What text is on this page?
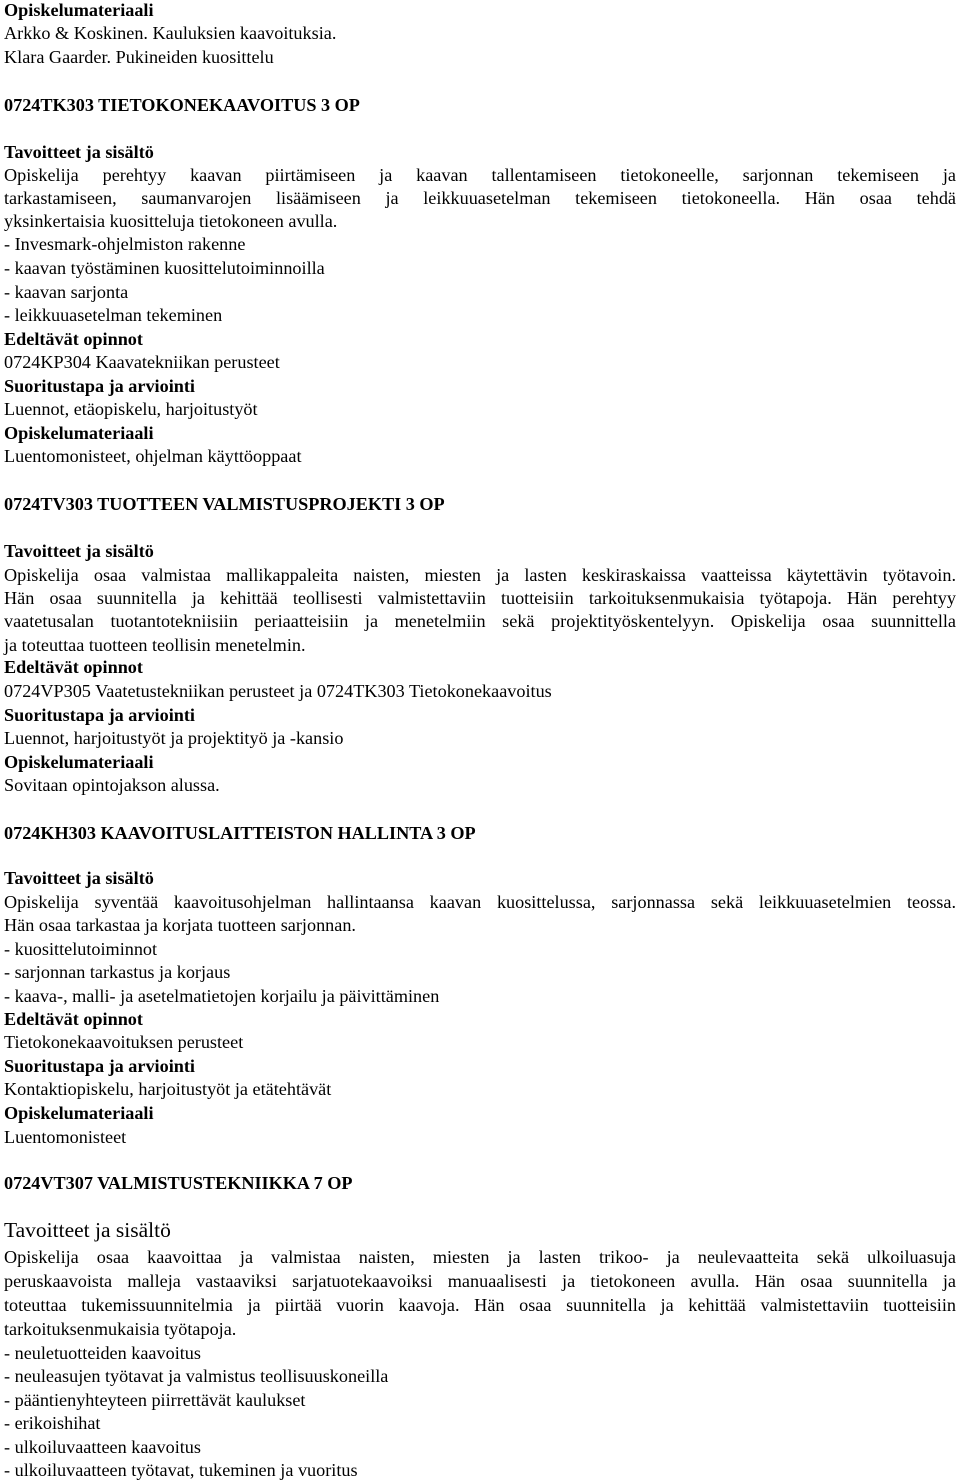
Opiskelumateriaali
Arkko & Koskinen. Kauluksien kaavoituksia.
Klara Gaarder. Pukineiden kuosittelu
0724TK303 TIETOKONEKAAVOITUS 3 OP
Tavoitteet ja sisältö
Opiskelija perehtyy kaavan piirtämiseen ja kaavan tallentamiseen tietokoneelle, sarjonnan tekemiseen ja
tarkastamiseen, saumanvarojen lisäämiseen ja leikkuuasetelman tekemiseen tietokoneella. Hän osaa tehdä
yksinkertaisia kuositteluja tietokoneen avulla.
- Invesmark-ohjelmiston rakenne
- kaavan työstäminen kuosittelutoiminnoilla
- kaavan sarjonta
- leikkuuasetelman tekeminen
Edeltävät opinnot
0724KP304 Kaavatekniikan perusteet
Suoritustapa ja arviointi
Luennot, etäopiskelu, harjoitustyöt
Opiskelumateriaali
Luentomonisteet, ohjelman käyttöoppaat
0724TV303 TUOTTEEN VALMISTUSPROJEKTI 3 OP
Tavoitteet ja sisältö
Opiskelija osaa valmistaa mallikappaleita naisten, miesten ja lasten keskiraskaissa vaatteissa käytettävin työtavoin.
Hän osaa suunnitella ja kehittää teollisesti valmistettaviin tuotteisiin tarkoituksenmukaisia työtapoja. Hän perehtyy
vaatetusalan tuotantotekniisiin periaatteisiin ja menetelmiin sekä projektityöskentelyyn. Opiskelija osaa suunnittella
ja toteuttaa tuotteen teollisin menetelmin.
Edeltävät opinnot
0724VP305 Vaatetustekniikan perusteet ja 0724TK303 Tietokonekaavoitus
Suoritustapa ja arviointi
Luennot, harjoitustyöt ja projektityö ja -kansio
Opiskelumateriaali
Sovitaan opintojakson alussa.
0724KH303 KAAVOITUSLAITTEISTON HALLINTA 3 OP
Tavoitteet ja sisältö
Opiskelija syventää kaavoitusohjelman hallintaansa kaavan kuosittelussa, sarjonnassa sekä leikkuuasetelmien teossa.
Hän osaa tarkastaa ja korjata tuotteen sarjonnan.
- kuosittelutoiminnot
- sarjonnan tarkastus ja korjaus
- kaava-, malli- ja asetelmatietojen korjailu ja päivittäminen
Edeltävät opinnot
Tietokonekaavoituksen perusteet
Suoritustapa ja arviointi
Kontaktiopiskelu, harjoitustyöt ja etätehtävät
Opiskelumateriaali
Luentomonisteet
0724VT307 VALMISTUSTEKNIIKKA 7 OP
Tavoitteet ja sisältö
Opiskelija osaa kaavoittaa ja valmistaa naisten, miesten ja lasten trikoo- ja neulevaatteita sekä ulkoiluasuja
peruskaavoista malleja vastaaviksi sarjatuotekaavoiksi manuaalisesti ja tietokoneen avulla. Hän osaa suunnitella ja
toteuttaa tukemissuunnitelmia ja piirtää vuorin kaavoja. Hän osaa suunnitella ja kehittää valmistettaviin tuotteisiin
tarkoituksenmukaisia työtapoja.
- neuletuotteiden kaavoitus
- neuleasujen työtavat ja valmistus teollisuuskoneilla
- pääntienyhteyteen piirrettävät kaulukset
- erikoishihat
- ulkoiluvaatteen kaavoitus
- ulkoiluvaatteen työtavat, tukeminen ja vuoritus
